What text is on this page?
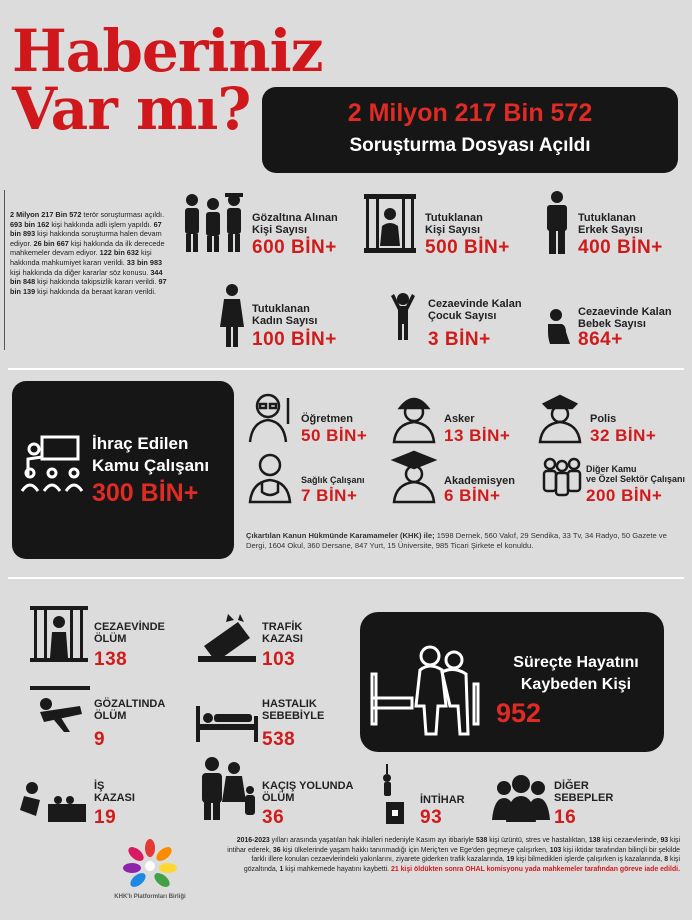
Haberiniz
Var mı?	2 Milyon 217 Bin 572
Soruşturma Dosyası Açıldı
2 Milyon 217 Bin 572 terör soruşturması açıldı. 693 bin 162 kişi hakkında adli işlem yapıldı. 67 bin 893 kişi hakkında soruşturma halen devam ediyor. 26 bin 667 kişi hakkında da ilk derecede mahkemeler devam ediyor. 122 bin 632 kişi hakkında mahkumiyet kararı verildi. 33 bin 983 kişi hakkında da diğer kararlar söz konusu. 344 bin 848 kişi hakkında takipsizlik kararı verildi. 97 bin 139 kişi hakkında da beraat kararı verildi.
Gözaltına Alınan
Kişi Sayısı
600 BİN+
Tutuklanan
Kişi Sayısı
500 BİN+
Tutuklanan
Erkek Sayısı
400 BİN+
Tutuklanan
Kadın Sayısı
100 BİN+
Cezaevinde Kalan
Çocuk Sayısı
3 BİN+
Cezaevinde Kalan
Bebek Sayısı
864+
İhraç Edilen
Kamu Çalışanı
300 BİN+
Öğretmen
50 BİN+
Asker
13 BİN+
Polis
32 BİN+
Sağlık Çalışanı
7 BİN+
Akademisyen
6 BİN+
Diğer Kamu
ve Özel Sektör Çalışanı
200 BİN+
Çıkartılan Kanun Hükmünde Karamameler (KHK) ile; 1598 Dernek, 560 Vakıf, 29 Sendika, 33 Tv, 34 Radyo, 50 Gazete ve Dergi, 1604 Okul, 360 Dersane, 847 Yurt, 15 Üniversite, 985 Ticari Şirkete el konuldu.
CEZAEVİNDE
ÖLÜM
138
TRAFİK
KAZASI
103
GÖZALTINDA
ÖLÜM
9
HASTALIK
SEBEBİYLE
538
İŞ
KAZASI
19
KAÇIŞ YOLUNDA
ÖLÜM
36
İNTİHAR
93
DİĞER
SEBEPLER
16
Süreçte Hayatını
Kaybeden Kişi
952
KHK'lı Platformları Birliği
2016-2023 yılları arasında yaşatılan hak ihlalleri nedeniyle Kasım ayı itibariyle 538 kişi üzüntü, stres ve hastalıktan, 138 kişi cezaevlerinde, 93 kişi intihar ederek, 36 kişi ülkelerinde yaşam hakkı tanınmadığı için Meriç'ten ve Ege'den geçmeye çalışırken, 103 kişi iktidar tarafından bilinçli bir şekilde farklı illere konulan cezaevlerindeki yakınlarını, ziyarete giderken trafik kazalarında, 19 kişi bilmedikleri işlerde çalışırken iş kazalarında, 8 kişi gözaltında, 1 kişi mahkemede hayatını kaybetti. 21 kişi öldükten sonra OHAL komisyonu yada mahkemeler tarafından göreve iade edildi.
